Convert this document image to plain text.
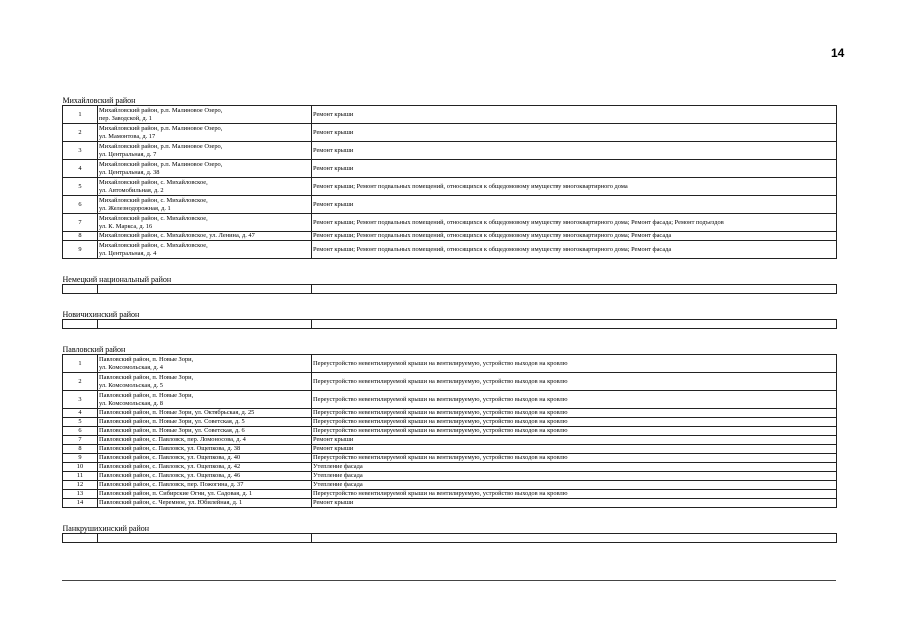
14
Михайловский район		
1	Михайловский район, р.п. Малиновое Озеро,
пер. Заводской, д. 1	Ремонт крыши
2	Михайловский район, р.п. Малиновое Озеро,
ул. Мамонтова, д. 17	Ремонт крыши
3	Михайловский район, р.п. Малиновое Озеро,
ул. Центральная, д. 7	Ремонт крыши
4	Михайловский район, р.п. Малиновое Озеро,
ул. Центральная, д. 38	Ремонт крыши
5	Михайловский район, с. Михайловское,
ул. Автомобильная, д. 2	Ремонт крыши; Ремонт подвальных помещений, относящихся к общедомовому имуществу многоквартирного дома
6	Михайловский район, с. Михайловское,
ул. Железнодорожная, д. 1	Ремонт крыши
7	Михайловский район, с. Михайловское,
ул. К. Маркса, д. 16	Ремонт крыши; Ремонт подвальных помещений, относящихся к общедомовому имуществу многоквартирного дома; Ремонт фасада; Ремонт подъездов
8	Михайловский район, с. Михайловское, ул. Ленина, д. 47	Ремонт крыши; Ремонт подвальных помещений, относящихся к общедомовому имуществу многоквартирного дома; Ремонт фасада
9	Михайловский район, с. Михайловское,
ул. Центральная, д. 4	Ремонт крыши; Ремонт подвальных помещений, относящихся к общедомовому имуществу многоквартирного дома; Ремонт фасада

Немецкий национальный район		

Новичихинский район		

Павловский район		
1	Павловский район, п. Новые Зори,
ул. Комсомольская, д. 4	Переустройство невентилируемой крыши на вентилируемую, устройство выходов на кровлю
2	Павловский район, п. Новые Зори,
ул. Комсомольская, д. 5	Переустройство невентилируемой крыши на вентилируемую, устройство выходов на кровлю
3	Павловский район, п. Новые Зори,
ул. Комсомольская, д. 8	Переустройство невентилируемой крыши на вентилируемую, устройство выходов на кровлю
4	Павловский район, п. Новые Зори, ул. Октябрьская, д. 25	Переустройство невентилируемой крыши на вентилируемую, устройство выходов на кровлю
5	Павловский район, п. Новые Зори, ул. Советская, д. 5	Переустройство невентилируемой крыши на вентилируемую, устройство выходов на кровлю
6	Павловский район, п. Новые Зори, ул. Советская, д. 6	Переустройство невентилируемой крыши на вентилируемую, устройство выходов на кровлю
7	Павловский район, с. Павловск, пер. Ломоносова, д. 4	Ремонт крыши
8	Павловский район, с. Павловск, ул. Ощепкова, д. 38	Ремонт крыши
9	Павловский район, с. Павловск, ул. Ощепкова, д. 40	Переустройство невентилируемой крыши на вентилируемую, устройство выходов на кровлю
10	Павловский район, с. Павловск, ул. Ощепкова, д. 42	Утепление фасада
11	Павловский район, с. Павловск, ул. Ощепкова, д. 46	Утепление фасада
12	Павловский район, с. Павловск, пер. Пожогина, д. 37	Утепление фасада
13	Павловский район, п. Сибирские Огни, ул. Садовая, д. 1	Переустройство невентилируемой крыши на вентилируемую, устройство выходов на кровлю
14	Павловский район, с. Черемное, ул. Юбилейная, д. 1	Ремонт крыши

Панкрушихинский район		
